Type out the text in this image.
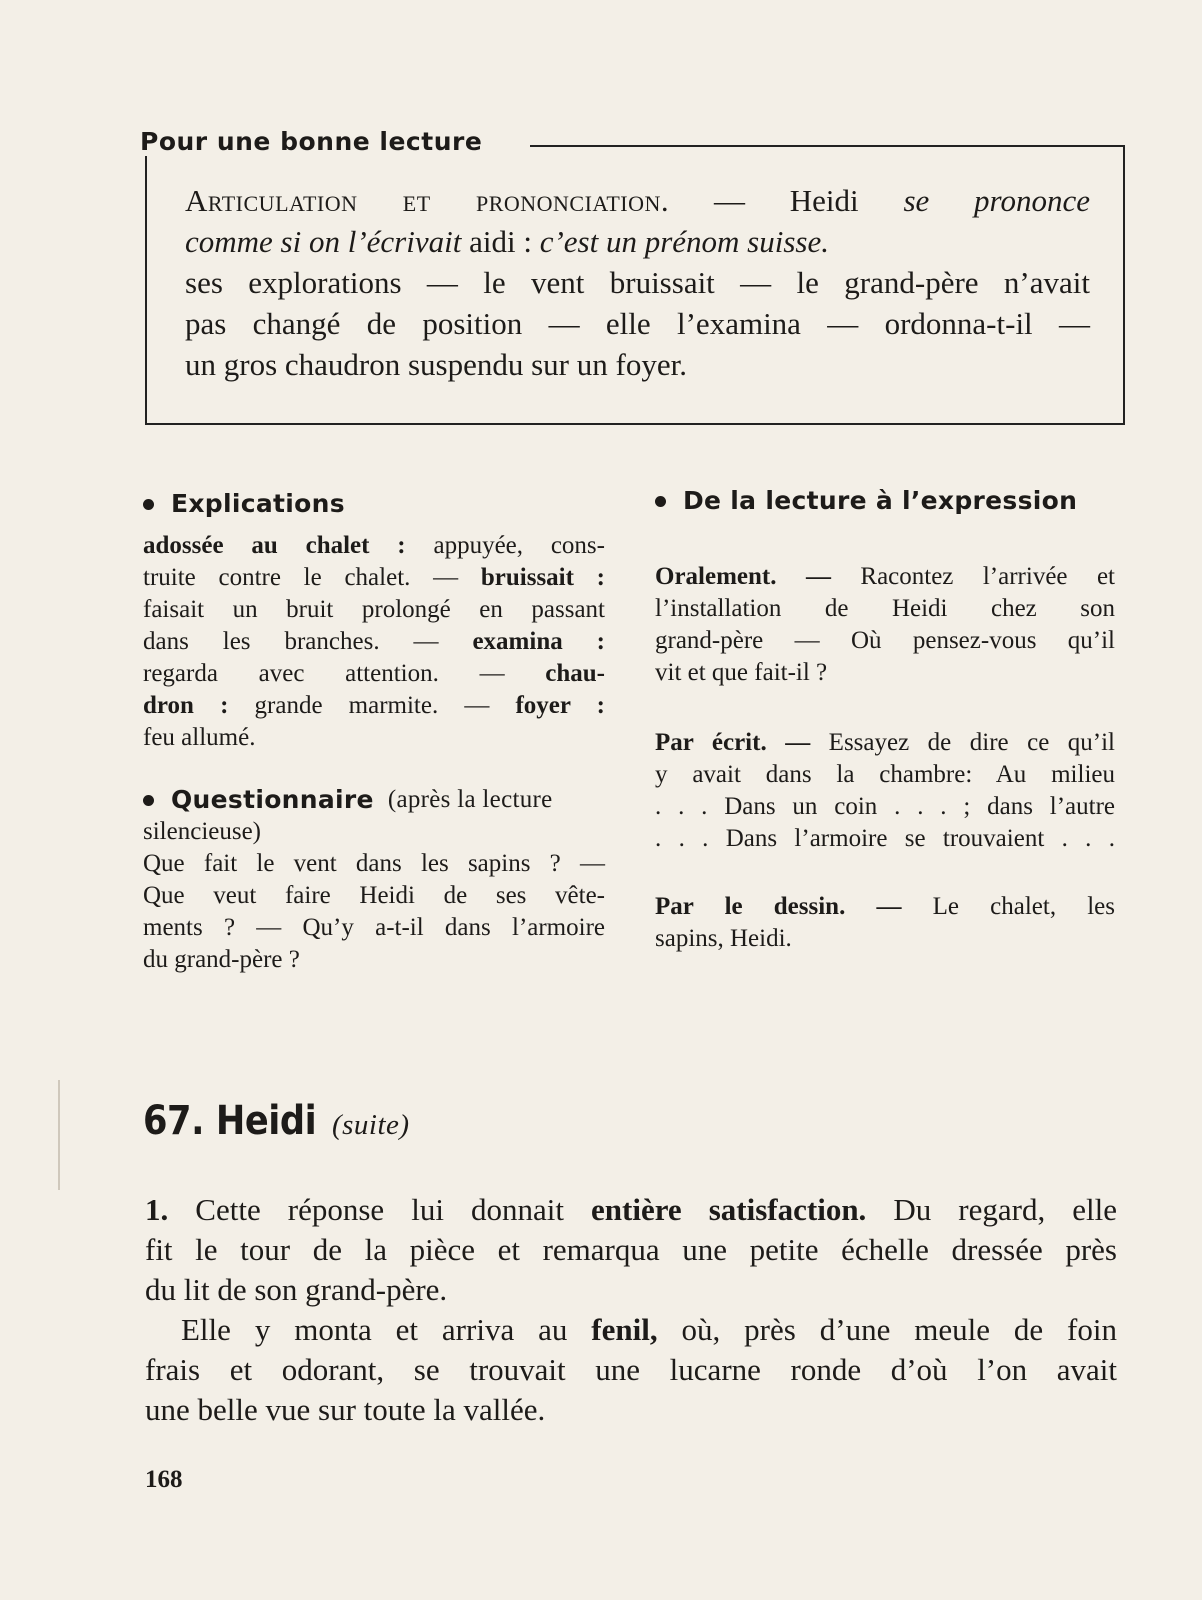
Pour une bonne lecture
Articulation et prononciation. — Heidi se prononce
comme si on l’écrivait aidi : c’est un prénom suisse.
ses explorations — le vent bruissait — le grand-père n’avait
pas changé de position — elle l’examina — ordonna-t-il —
un gros chaudron suspendu sur un foyer.
Explications
adossée au chalet : appuyée, cons-
truite contre le chalet. — bruissait :
faisait un bruit prolongé en passant
dans les branches. — examina :
regarda avec attention. — chau-
dron : grande marmite. — foyer :
feu allumé.
Questionnaire (après la lecture
silencieuse)
Que fait le vent dans les sapins ? —
Que veut faire Heidi de ses vête-
ments ? — Qu’y a-t-il dans l’armoire
du grand-père ?
De la lecture à l’expression
Oralement. — Racontez l’arrivée et
l’installation de Heidi chez son
grand-père — Où pensez-vous qu’il
vit et que fait-il ?
Par écrit. — Essayez de dire ce qu’il
y avait dans la chambre: Au milieu
. . . Dans un coin . . . ; dans l’autre
. . . Dans l’armoire se trouvaient . . .
Par le dessin. — Le chalet, les
sapins, Heidi.
67. Heidi (suite)
1. Cette réponse lui donnait entière satisfaction. Du regard, elle
fit le tour de la pièce et remarqua une petite échelle dressée près
du lit de son grand-père.
Elle y monta et arriva au fenil, où, près d’une meule de foin
frais et odorant, se trouvait une lucarne ronde d’où l’on avait
une belle vue sur toute la vallée.
168
